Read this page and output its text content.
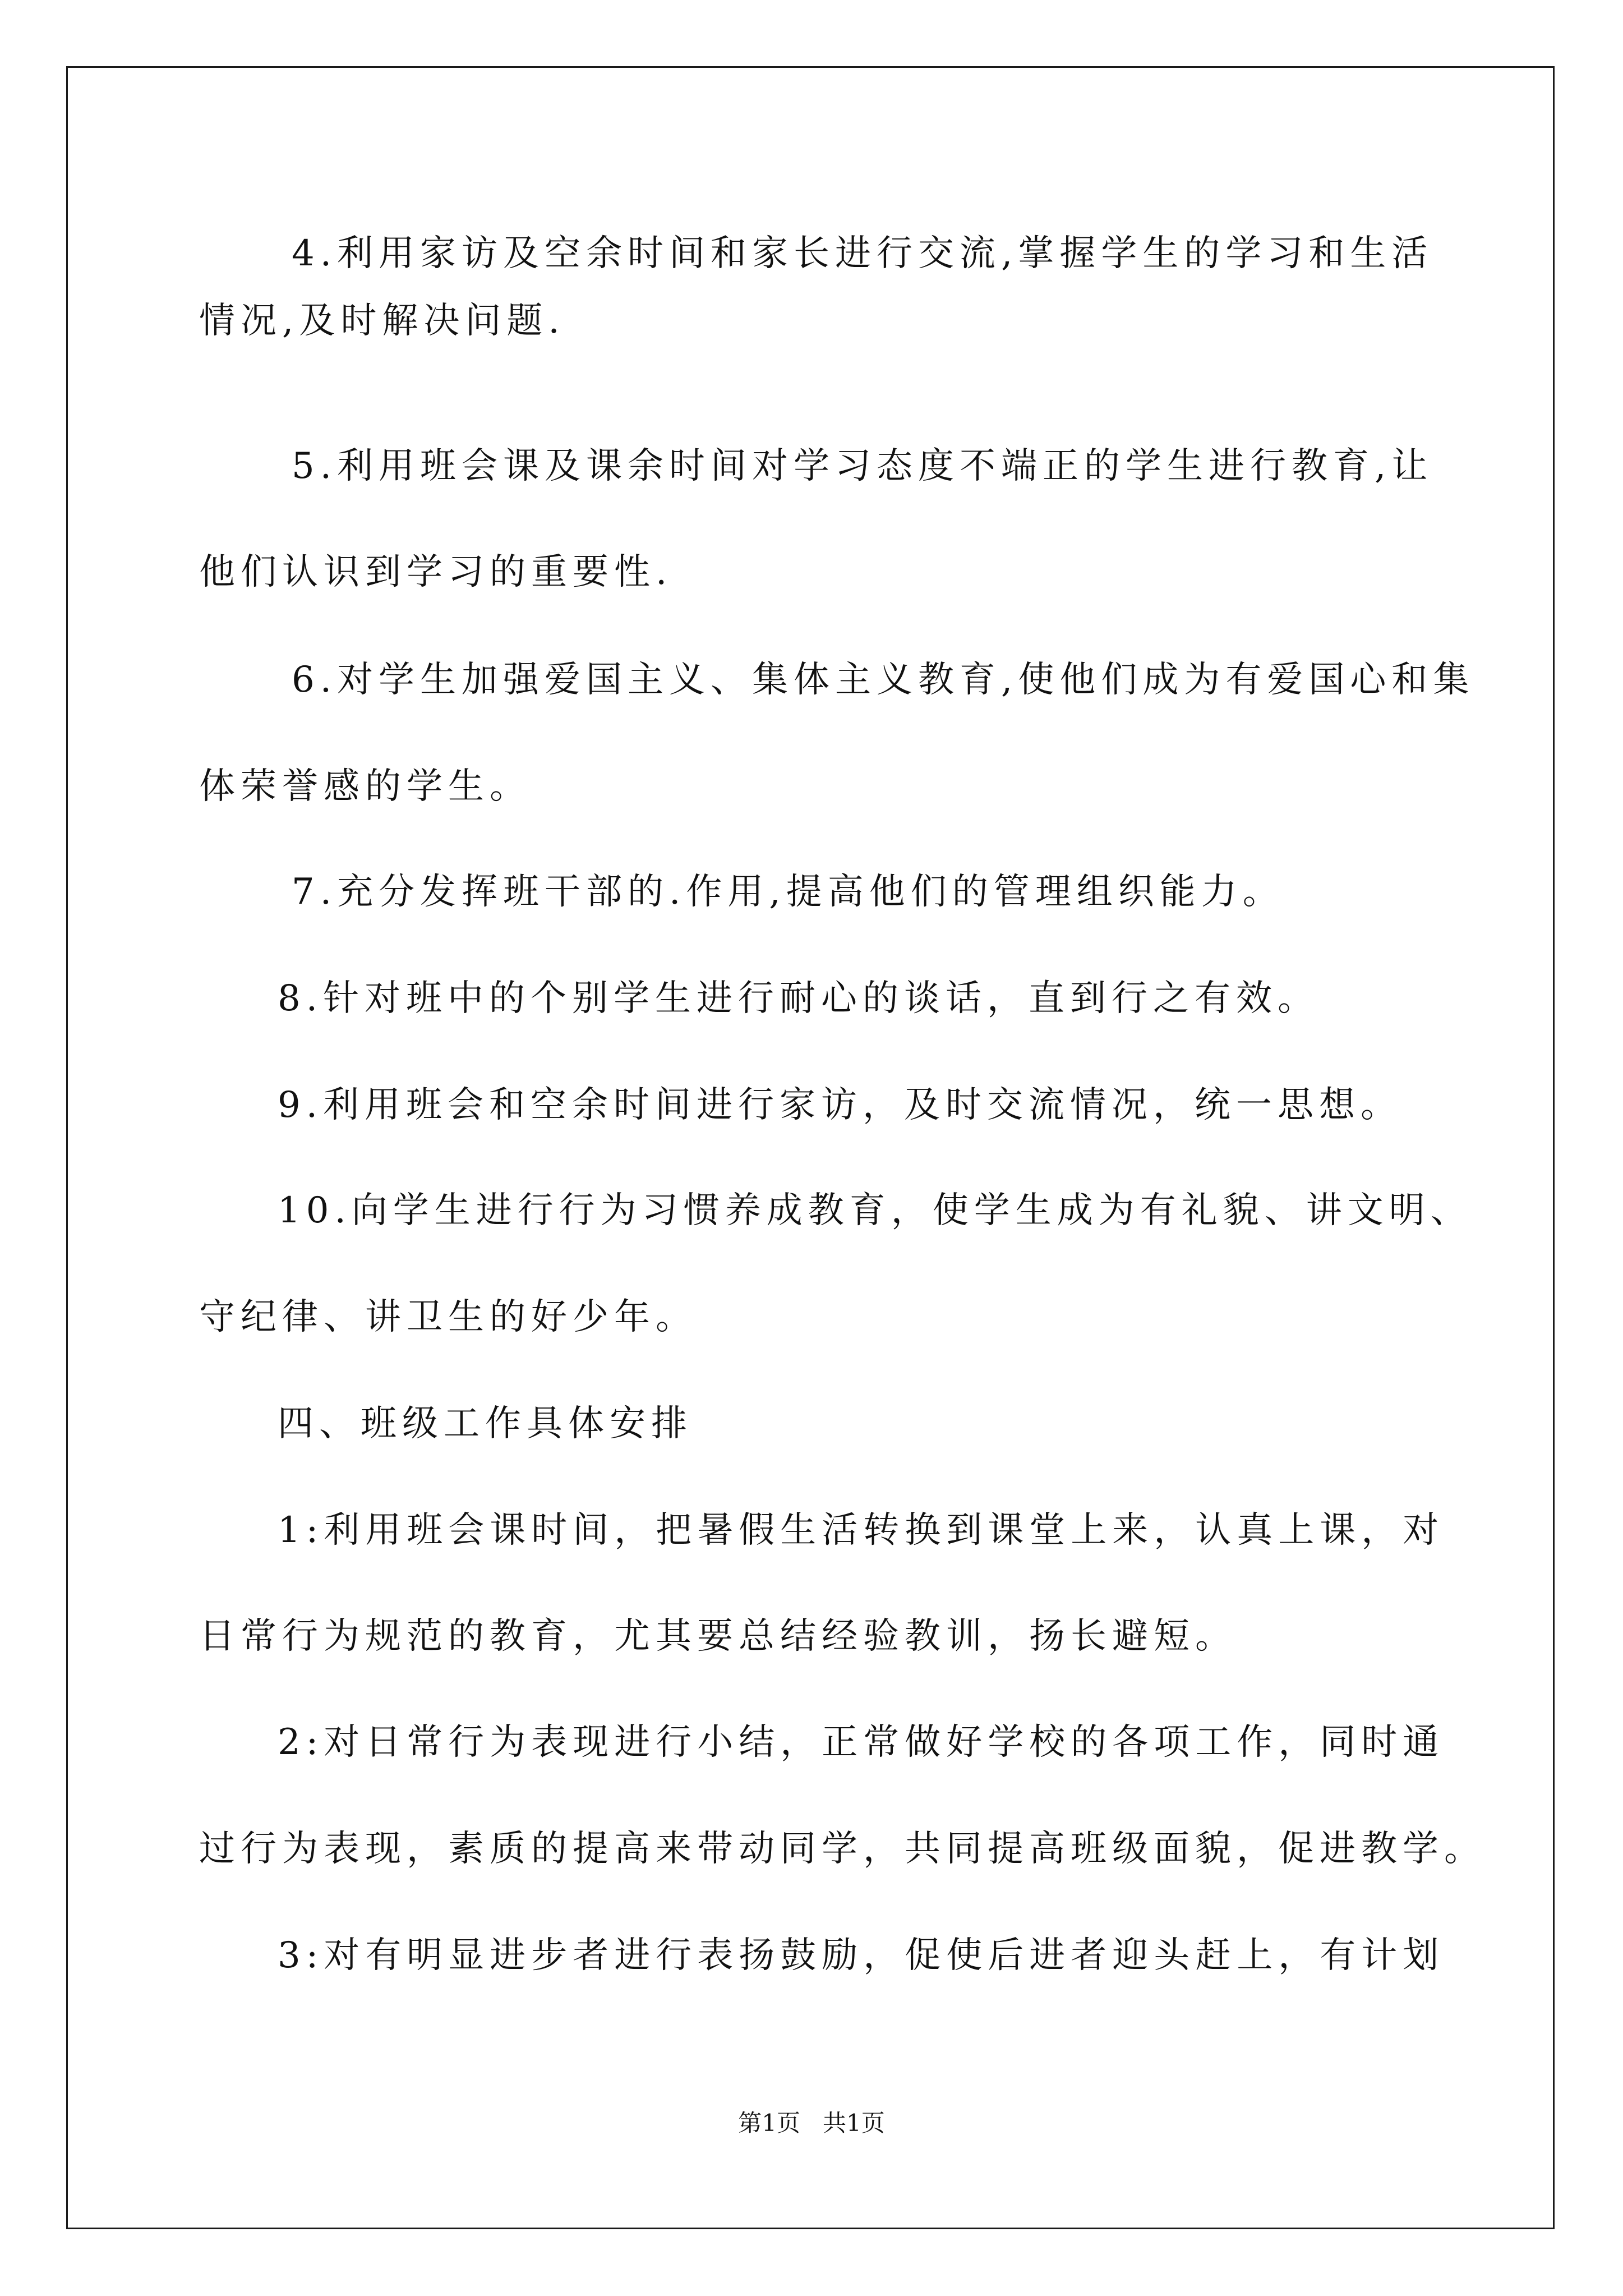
4.利用家访及空余时间和家长进行交流,掌握学生的学习和生活
情况,及时解决问题.
5.利用班会课及课余时间对学习态度不端正的学生进行教育,让
他们认识到学习的重要性.
6.对学生加强爱国主义、集体主义教育,使他们成为有爱国心和集
体荣誉感的学生。
7.充分发挥班干部的.作用,提高他们的管理组织能力。
8.针对班中的个别学生进行耐心的谈话，直到行之有效。
9.利用班会和空余时间进行家访，及时交流情况，统一思想。
10.向学生进行行为习惯养成教育，使学生成为有礼貌、讲文明、
守纪律、讲卫生的好少年。
四、班级工作具体安排
1:利用班会课时间，把暑假生活转换到课堂上来，认真上课，对
日常行为规范的教育，尤其要总结经验教训，扬长避短。
2:对日常行为表现进行小结，正常做好学校的各项工作，同时通
过行为表现，素质的提高来带动同学，共同提高班级面貌，促进教学。
3:对有明显进步者进行表扬鼓励，促使后进者迎头赶上，有计划
第1页   共1页
